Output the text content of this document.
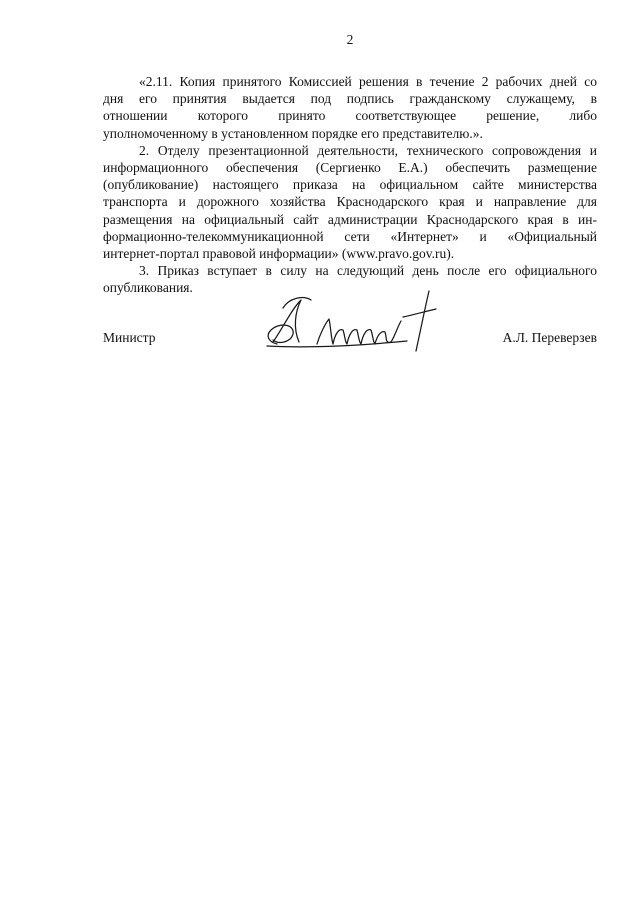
2
«2.11. Копия принятого Комиссией решения в течение 2 рабочих дней со
дня его принятия выдается под подпись гражданскому служащему, в
отношении которого принято соответствующее решение, либо
уполномоченному в установленном порядке его представителю.».
2. Отделу презентационной деятельности, технического сопровождения и
информационного обеспечения (Сергиенко Е.А.) обеспечить размещение
(опубликование) настоящего приказа на официальном сайте министерства
транспорта и дорожного хозяйства Краснодарского края и направление для
размещения на официальный сайт администрации Краснодарского края в ин-
формационно-телекоммуникационной сети «Интернет» и «Официальный
интернет-портал правовой информации» (www.pravo.gov.ru).
3. Приказ вступает в силу на следующий день после его официального
опубликования.
Министр	А.Л. Переверзев
